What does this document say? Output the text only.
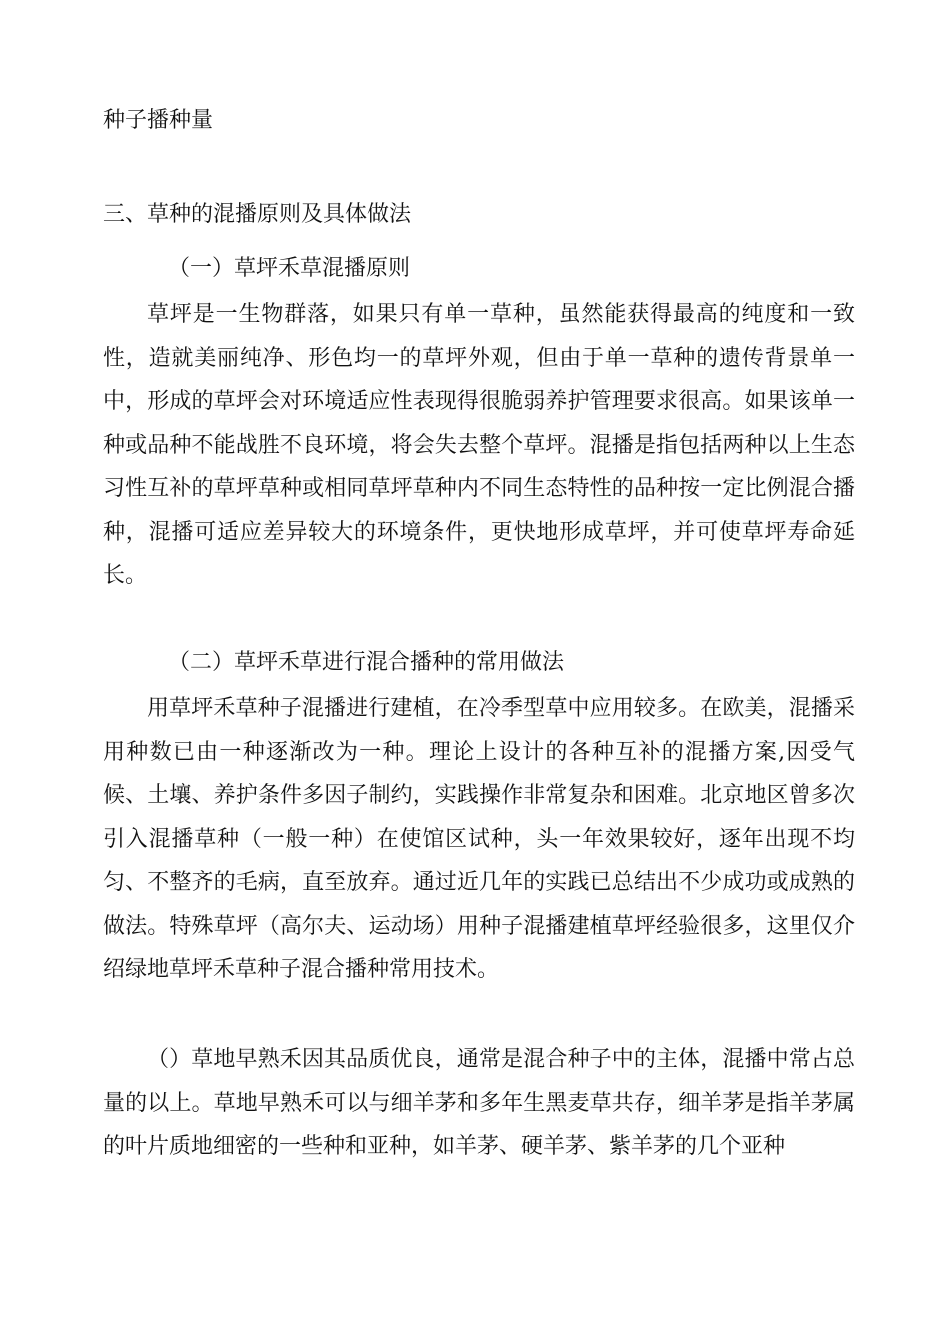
种子播种量
三、草种的混播原则及具体做法
（一）草坪禾草混播原则

草坪是一生物群落，如果只有单一草种，虽然能获得最高的纯度和一致性，造就美丽纯净、形色均一的草坪外观，但由于单一草种的遗传背景单一中，形成的草坪会对环境适应性表现得很脆弱养护管理要求很高。如果该单一种或品种不能战胜不良环境，将会失去整个草坪。混播是指包括两种以上生态习性互补的草坪草种或相同草坪草种内不同生态特性的品种按一定比例混合播种，混播可适应差异较大的环境条件，更快地形成草坪，并可使草坪寿命延长。

（二）草坪禾草进行混合播种的常用做法

用草坪禾草种子混播进行建植，在冷季型草中应用较多。在欧美，混播采用种数已由一种逐渐改为一种。理论上设计的各种互补的混播方案,因受气候、土壤、养护条件多因子制约，实践操作非常复杂和困难。北京地区曾多次引入混播草种（一般一种）在使馆区试种，头一年效果较好，逐年出现不均匀、不整齐的毛病，直至放弃。通过近几年的实践已总结出不少成功或成熟的做法。特殊草坪（高尔夫、运动场）用种子混播建植草坪经验很多，这里仅介绍绿地草坪禾草种子混合播种常用技术。

（）草地早熟禾因其品质优良，通常是混合种子中的主体，混播中常占总量的以上。草地早熟禾可以与细羊茅和多年生黑麦草共存，细羊茅是指羊茅属的叶片质地细密的一些种和亚种，如羊茅、硬羊茅、紫羊茅的几个亚种
